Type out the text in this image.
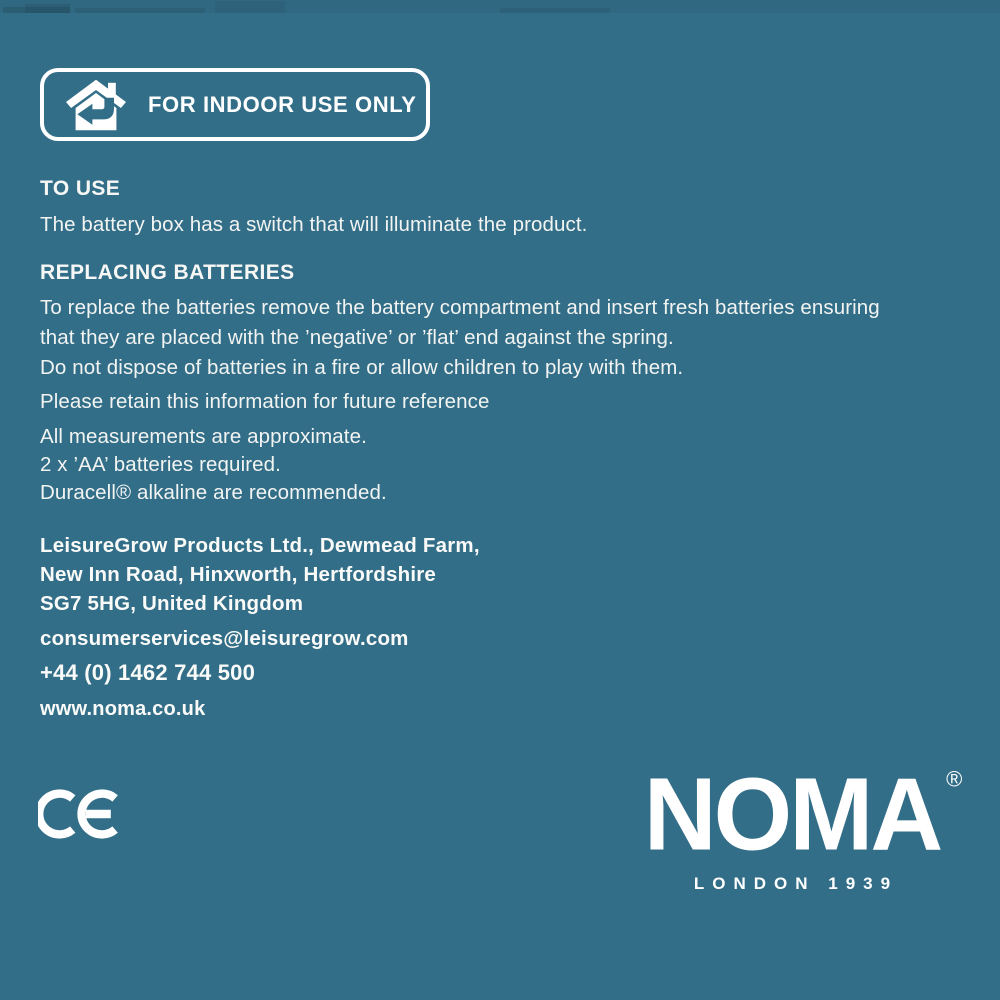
FOR INDOOR USE ONLY
TO USE
The battery box has a switch that will illuminate the product.
REPLACING BATTERIES
To replace the batteries remove the battery compartment and insert fresh batteries ensuring
that they are placed with the ’negative’ or ’flat’ end against the spring.
Do not dispose of batteries in a fire or allow children to play with them.
Please retain this information for future reference
All measurements are approximate.
2 x ’AA’ batteries required.
Duracell® alkaline are recommended.
LeisureGrow Products Ltd., Dewmead Farm,
New Inn Road, Hinxworth, Hertfordshire
SG7 5HG, United Kingdom
consumerservices@leisuregrow.com
+44 (0) 1462 744 500
www.noma.co.uk
NOMA ®
LONDON 1939
